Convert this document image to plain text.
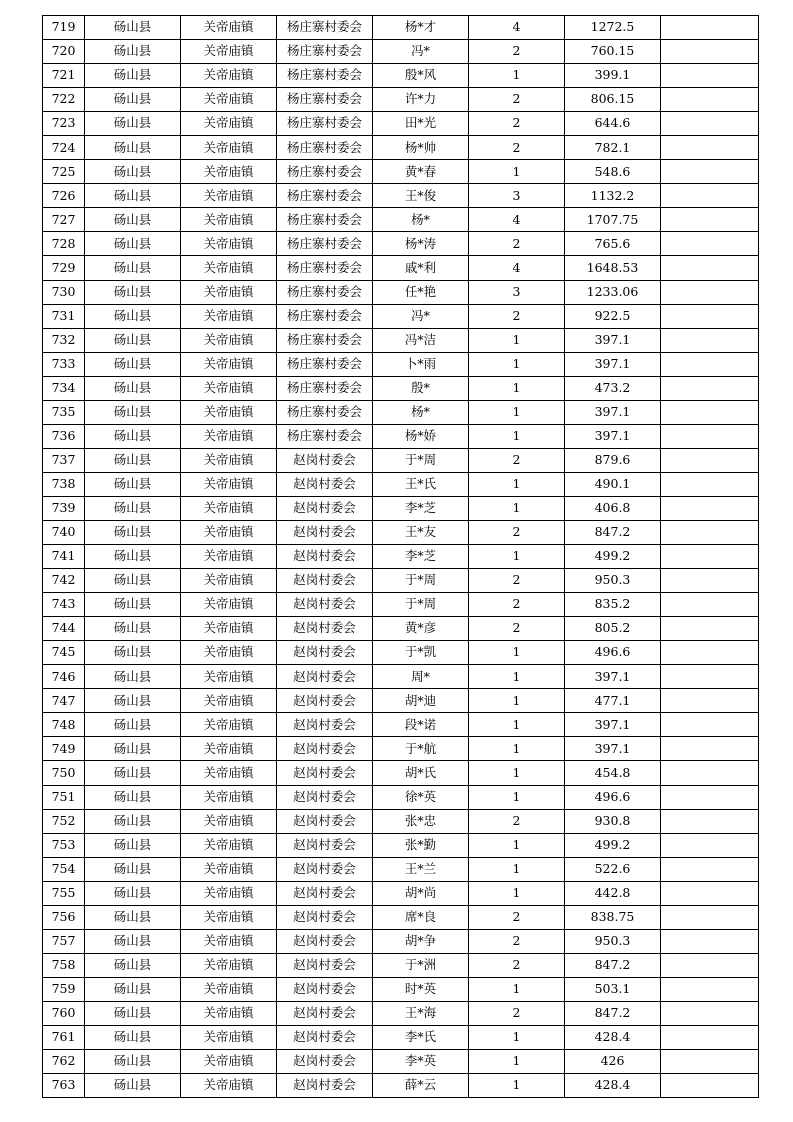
719	砀山县	关帝庙镇	杨庄寨村委会	杨*才	4	1272.5	
720	砀山县	关帝庙镇	杨庄寨村委会	冯*	2	760.15	
721	砀山县	关帝庙镇	杨庄寨村委会	殷*风	1	399.1	
722	砀山县	关帝庙镇	杨庄寨村委会	许*力	2	806.15	
723	砀山县	关帝庙镇	杨庄寨村委会	田*光	2	644.6	
724	砀山县	关帝庙镇	杨庄寨村委会	杨*帅	2	782.1	
725	砀山县	关帝庙镇	杨庄寨村委会	黄*春	1	548.6	
726	砀山县	关帝庙镇	杨庄寨村委会	王*俊	3	1132.2	
727	砀山县	关帝庙镇	杨庄寨村委会	杨*	4	1707.75	
728	砀山县	关帝庙镇	杨庄寨村委会	杨*涛	2	765.6	
729	砀山县	关帝庙镇	杨庄寨村委会	戚*利	4	1648.53	
730	砀山县	关帝庙镇	杨庄寨村委会	任*艳	3	1233.06	
731	砀山县	关帝庙镇	杨庄寨村委会	冯*	2	922.5	
732	砀山县	关帝庙镇	杨庄寨村委会	冯*洁	1	397.1	
733	砀山县	关帝庙镇	杨庄寨村委会	卜*雨	1	397.1	
734	砀山县	关帝庙镇	杨庄寨村委会	殷*	1	473.2	
735	砀山县	关帝庙镇	杨庄寨村委会	杨*	1	397.1	
736	砀山县	关帝庙镇	杨庄寨村委会	杨*娇	1	397.1	
737	砀山县	关帝庙镇	赵岗村委会	于*周	2	879.6	
738	砀山县	关帝庙镇	赵岗村委会	王*氏	1	490.1	
739	砀山县	关帝庙镇	赵岗村委会	李*芝	1	406.8	
740	砀山县	关帝庙镇	赵岗村委会	王*友	2	847.2	
741	砀山县	关帝庙镇	赵岗村委会	李*芝	1	499.2	
742	砀山县	关帝庙镇	赵岗村委会	于*周	2	950.3	
743	砀山县	关帝庙镇	赵岗村委会	于*周	2	835.2	
744	砀山县	关帝庙镇	赵岗村委会	黄*彦	2	805.2	
745	砀山县	关帝庙镇	赵岗村委会	于*凯	1	496.6	
746	砀山县	关帝庙镇	赵岗村委会	周*	1	397.1	
747	砀山县	关帝庙镇	赵岗村委会	胡*迪	1	477.1	
748	砀山县	关帝庙镇	赵岗村委会	段*诺	1	397.1	
749	砀山县	关帝庙镇	赵岗村委会	于*航	1	397.1	
750	砀山县	关帝庙镇	赵岗村委会	胡*氏	1	454.8	
751	砀山县	关帝庙镇	赵岗村委会	徐*英	1	496.6	
752	砀山县	关帝庙镇	赵岗村委会	张*忠	2	930.8	
753	砀山县	关帝庙镇	赵岗村委会	张*勤	1	499.2	
754	砀山县	关帝庙镇	赵岗村委会	王*兰	1	522.6	
755	砀山县	关帝庙镇	赵岗村委会	胡*尚	1	442.8	
756	砀山县	关帝庙镇	赵岗村委会	席*良	2	838.75	
757	砀山县	关帝庙镇	赵岗村委会	胡*争	2	950.3	
758	砀山县	关帝庙镇	赵岗村委会	于*洲	2	847.2	
759	砀山县	关帝庙镇	赵岗村委会	时*英	1	503.1	
760	砀山县	关帝庙镇	赵岗村委会	王*海	2	847.2	
761	砀山县	关帝庙镇	赵岗村委会	李*氏	1	428.4	
762	砀山县	关帝庙镇	赵岗村委会	李*英	1	426	
763	砀山县	关帝庙镇	赵岗村委会	薛*云	1	428.4	
